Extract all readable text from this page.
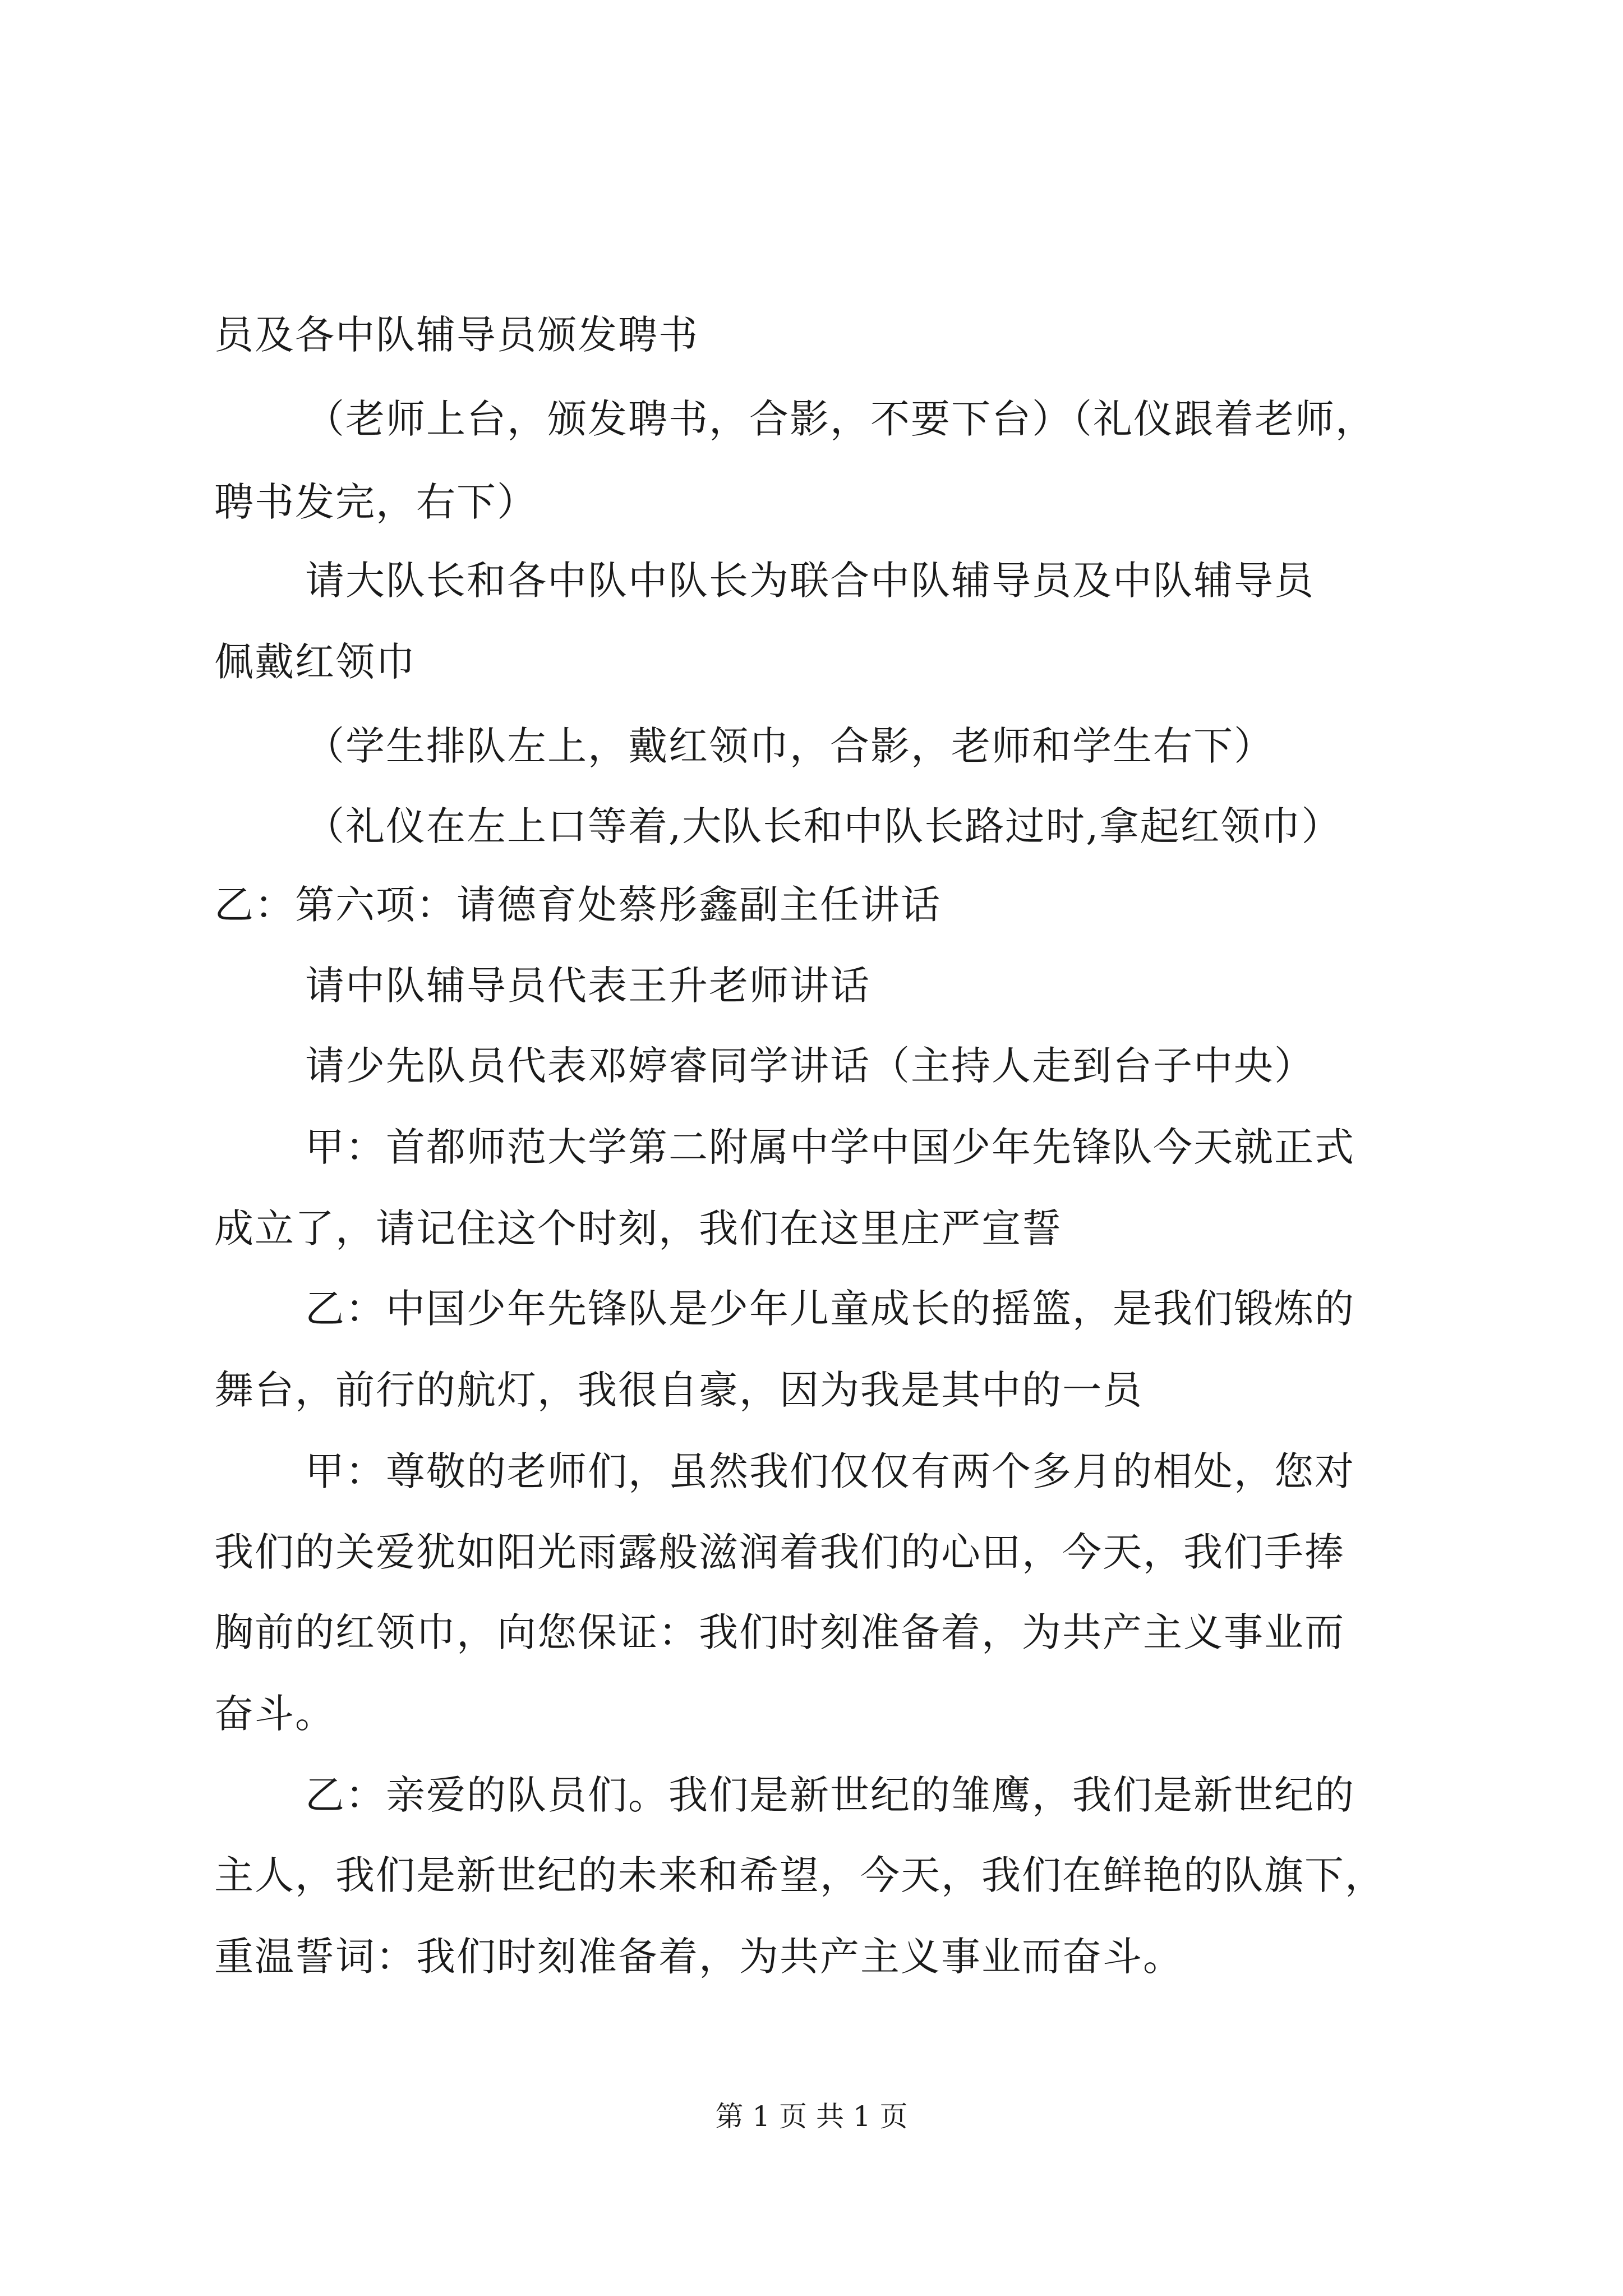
员及各中队辅导员颁发聘书
（老师上台，颁发聘书，合影，不要下台）（礼仪跟着老师，
聘书发完，右下）
请大队长和各中队中队长为联合中队辅导员及中队辅导员
佩戴红领巾
（学生排队左上，戴红领巾，合影，老师和学生右下）
（礼仪在左上口等着,大队长和中队长路过时,拿起红领巾）
乙：第六项：请德育处蔡彤鑫副主任讲话
请中队辅导员代表王升老师讲话
请少先队员代表邓婷睿同学讲话（主持人走到台子中央）
甲：首都师范大学第二附属中学中国少年先锋队今天就正式
成立了，请记住这个时刻，我们在这里庄严宣誓
乙：中国少年先锋队是少年儿童成长的摇篮，是我们锻炼的
舞台，前行的航灯，我很自豪，因为我是其中的一员
甲：尊敬的老师们，虽然我们仅仅有两个多月的相处，您对
我们的关爱犹如阳光雨露般滋润着我们的心田，今天，我们手捧
胸前的红领巾，向您保证：我们时刻准备着，为共产主义事业而
奋斗。
乙：亲爱的队员们。我们是新世纪的雏鹰，我们是新世纪的
主人，我们是新世纪的未来和希望，今天，我们在鲜艳的队旗下，
重温誓词：我们时刻准备着，为共产主义事业而奋斗。
第 1 页 共 1 页
